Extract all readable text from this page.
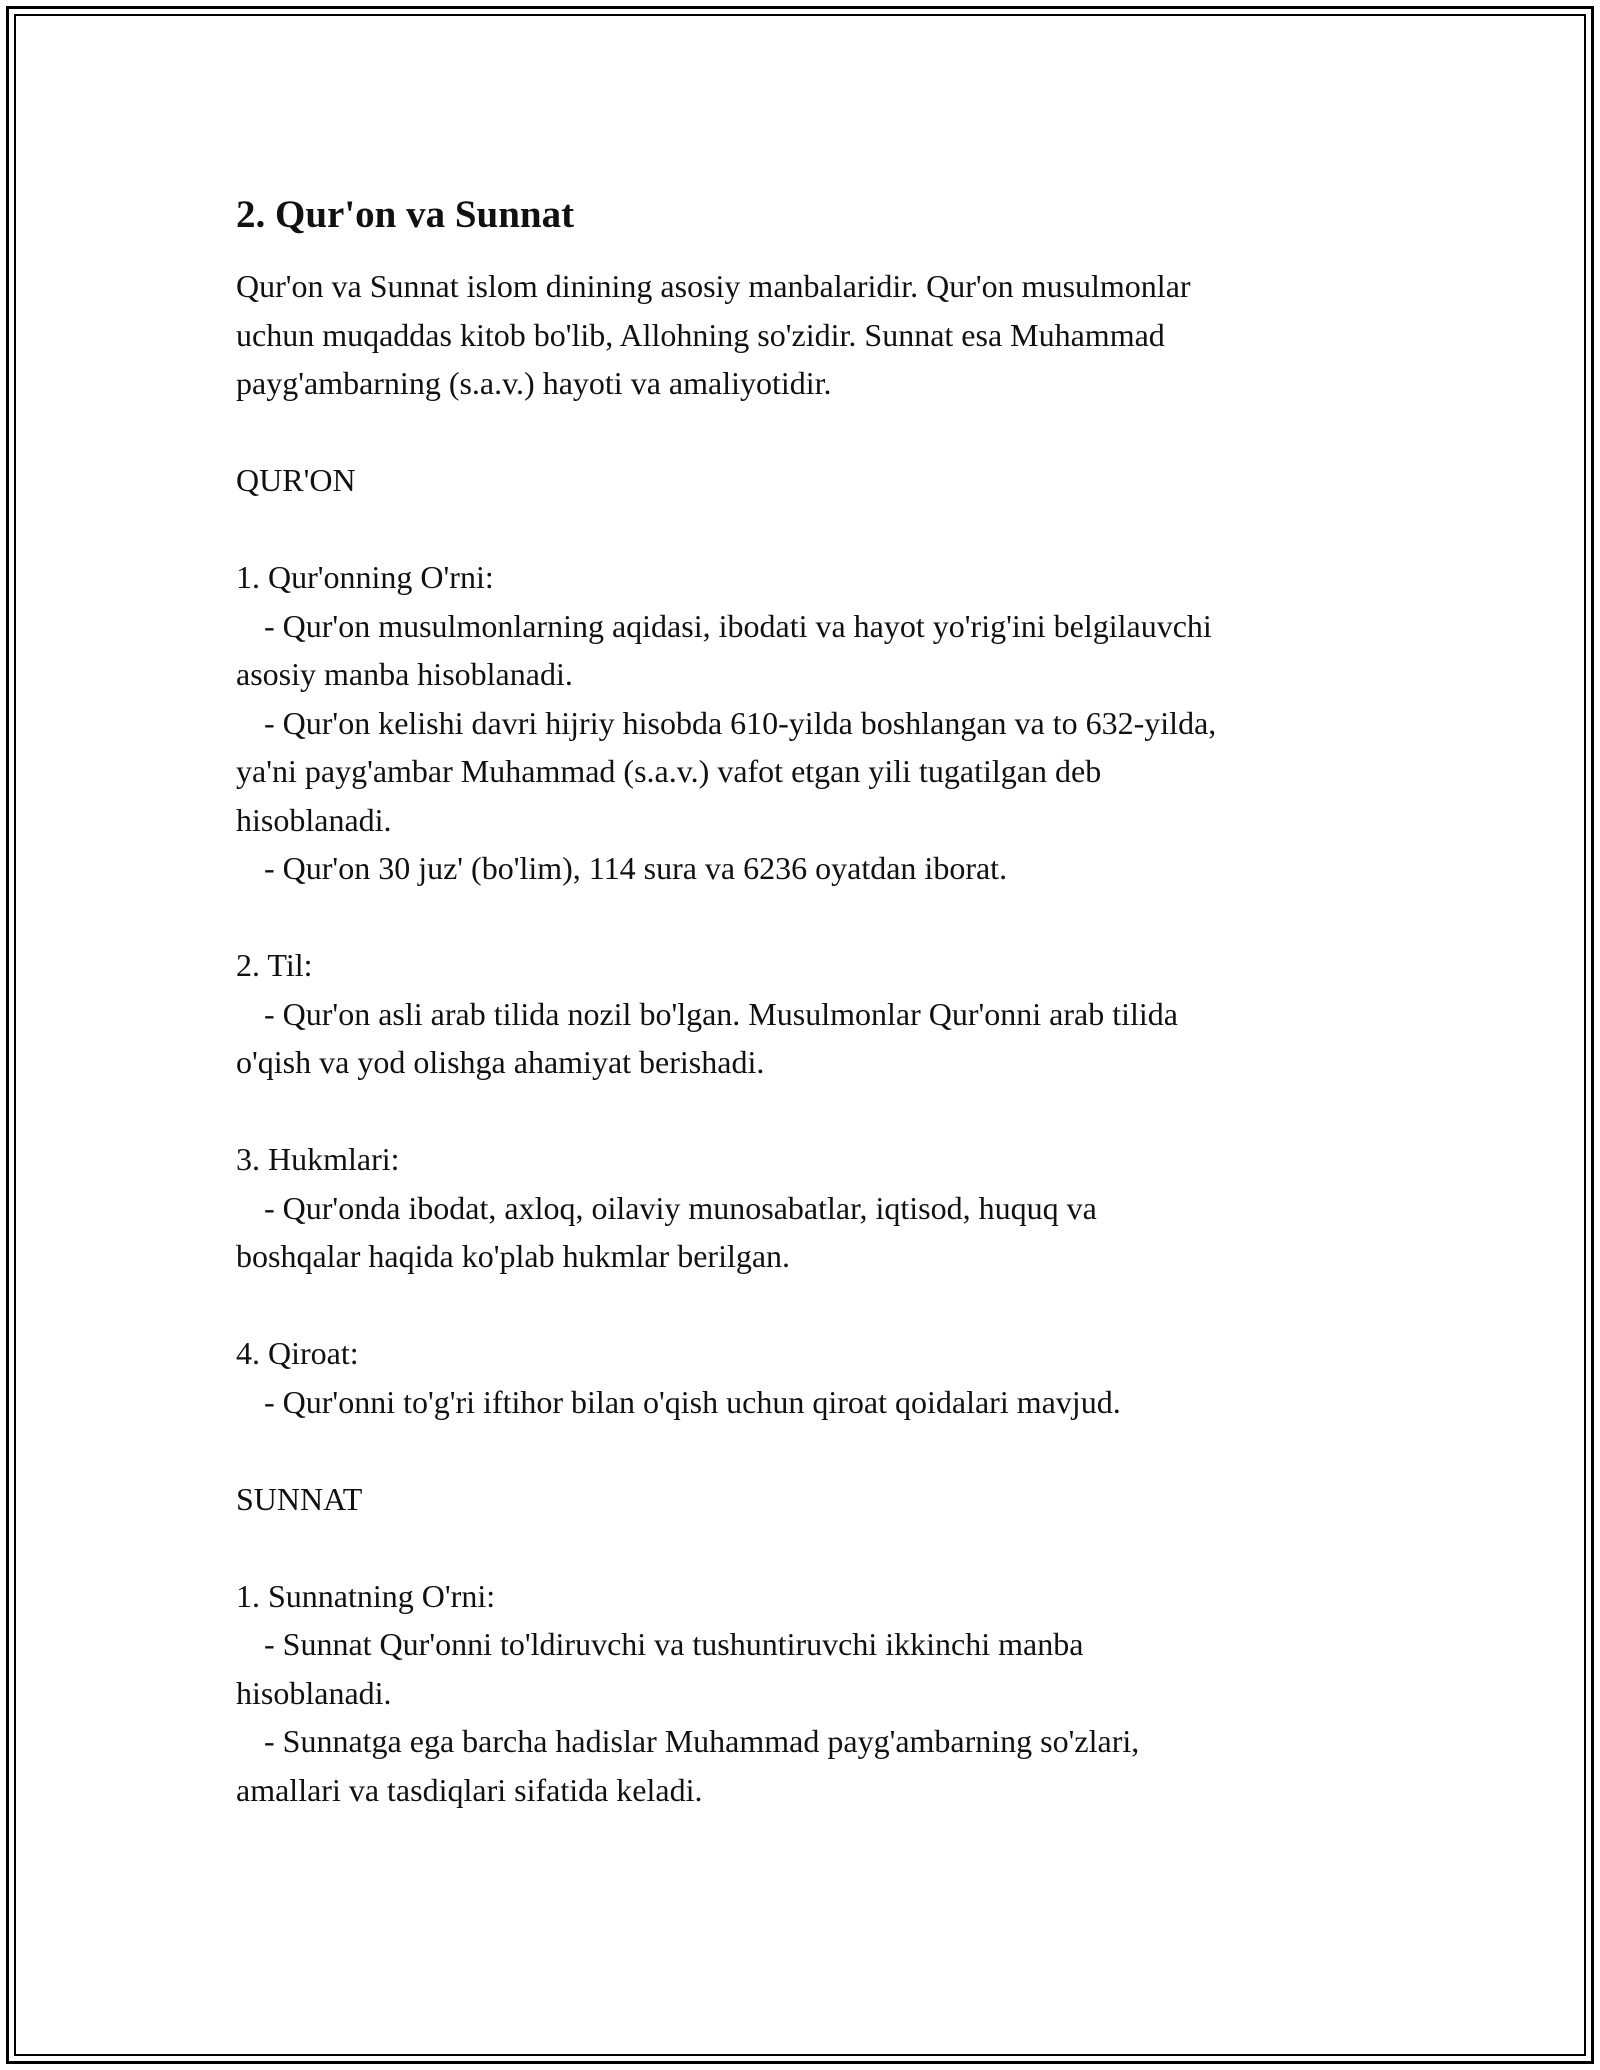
2. Qur'on va Sunnat
Qur'on va Sunnat islom dinining asosiy manbalaridir. Qur'on musulmonlar
uchun muqaddas kitob bo'lib, Allohning so'zidir. Sunnat esa Muhammad
payg'ambarning (s.a.v.) hayoti va amaliyotidir.
QUR'ON
1. Qur'onning O'rni:
- Qur'on musulmonlarning aqidasi, ibodati va hayot yo'rig'ini belgilauvchi
asosiy manba hisoblanadi.
- Qur'on kelishi davri hijriy hisobda 610-yilda boshlangan va to 632-yilda,
ya'ni payg'ambar Muhammad (s.a.v.) vafot etgan yili tugatilgan deb
hisoblanadi.
- Qur'on 30 juz' (bo'lim), 114 sura va 6236 oyatdan iborat.
2. Til:
- Qur'on asli arab tilida nozil bo'lgan. Musulmonlar Qur'onni arab tilida
o'qish va yod olishga ahamiyat berishadi.
3. Hukmlari:
- Qur'onda ibodat, axloq, oilaviy munosabatlar, iqtisod, huquq va
boshqalar haqida ko'plab hukmlar berilgan.
4. Qiroat:
- Qur'onni to'g'ri iftihor bilan o'qish uchun qiroat qoidalari mavjud.
SUNNAT
1. Sunnatning O'rni:
- Sunnat Qur'onni to'ldiruvchi va tushuntiruvchi ikkinchi manba
hisoblanadi.
- Sunnatga ega barcha hadislar Muhammad payg'ambarning so'zlari,
amallari va tasdiqlari sifatida keladi.
